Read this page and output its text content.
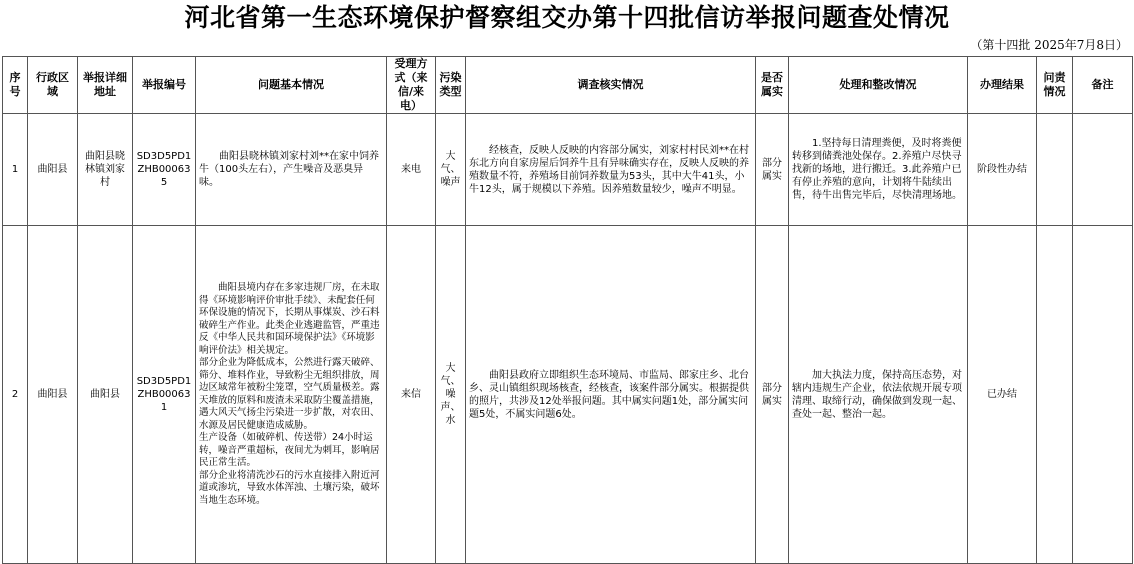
河北省第一生态环境保护督察组交办第十四批信访举报问题查处情况
（第十四批 2025年7月8日）
序号	行政区域	举报详细地址	举报编号	问题基本情况	受理方式（来信/来电）	污染类型	调查核实情况	是否属实	处理和整改情况	办理结果	问责情况	备注
1	曲阳县	曲阳县晓林镇刘家村	SD3D5PD1ZHB000635	曲阳县晓林镇刘家村刘**在家中饲养牛（100头左右），产生噪音及恶臭异味。	来电	大气、噪声	经核查，反映人反映的内容部分属实，刘家村村民刘**在村东北方向自家房屋后饲养牛且有异味确实存在，反映人反映的养殖数量不符，养殖场目前饲养数量为53头，其中大牛41头，小牛12头，属于规模以下养殖。因养殖数量较少，噪声不明显。	部分属实	1.坚持每日清理粪便，及时将粪便转移到储粪池处保存。2.养殖户尽快寻找新的场地，进行搬迁。3.此养殖户已有停止养殖的意向，计划将牛陆续出售，待牛出售完毕后，尽快清理场地。	阶段性办结		
2	曲阳县	曲阳县	SD3D5PD1ZHB000631	曲阳县境内存在多家违规厂房，在未取得《环境影响评价审批手续》、未配套任何环保设施的情况下，长期从事煤炭、沙石料破碎生产作业。此类企业逃避监管，严重违反《中华人民共和国环境保护法》《环境影响评价法》相关规定。
部分企业为降低成本，公然进行露天破碎、筛分、堆料作业，导致粉尘无组织排放，周边区域常年被粉尘笼罩，空气质量极差。露天堆放的原料和废渣未采取防尘覆盖措施，遇大风天气扬尘污染进一步扩散，对农田、水源及居民健康造成威胁。
生产设备（如破碎机、传送带）24小时运转，噪音严重超标，夜间尤为刺耳，影响居民正常生活。
部分企业将清洗沙石的污水直接排入附近河道或渗坑，导致水体浑浊、土壤污染，破坏当地生态环境。	来信	大气、噪声、水	曲阳县政府立即组织生态环境局、市监局、郎家庄乡、北台乡、灵山镇组织现场核查，经核查，该案件部分属实。根据提供的照片，共涉及12处举报问题。其中属实问题1处，部分属实问题5处，不属实问题6处。	部分属实	加大执法力度，保持高压态势，对辖内违规生产企业，依法依规开展专项清理、取缔行动，确保做到发现一起、查处一起、整治一起。	已办结		
